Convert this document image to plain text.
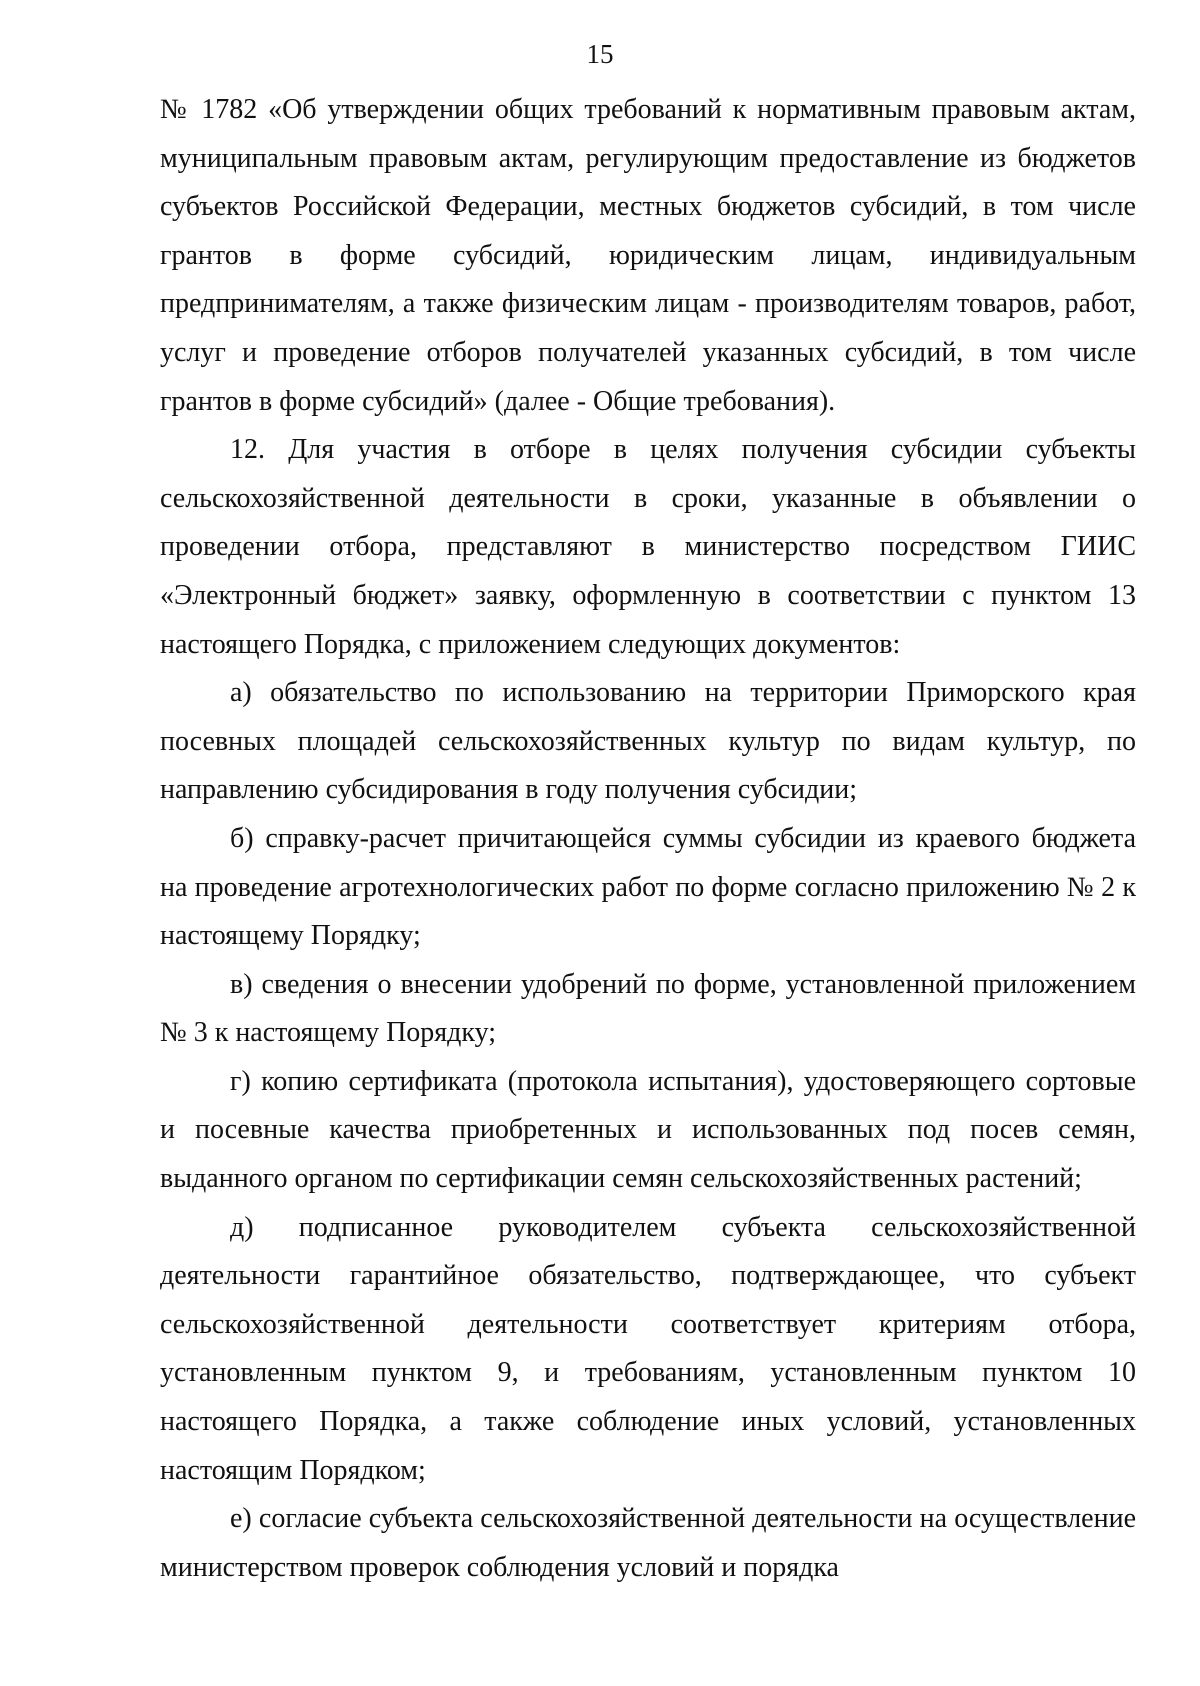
15

№ 1782 «Об утверждении общих требований к нормативным правовым актам, муниципальным правовым актам, регулирующим предоставление из бюджетов субъектов Российской Федерации, местных бюджетов субсидий, в том числе грантов в форме субсидий, юридическим лицам, индивидуальным предпринимателям, а также физическим лицам - производителям товаров, работ, услуг и проведение отборов получателей указанных субсидий, в том числе грантов в форме субсидий» (далее - Общие требования).

12. Для участия в отборе в целях получения субсидии субъекты сельскохозяйственной деятельности в сроки, указанные в объявлении о проведении отбора, представляют в министерство посредством ГИИС «Электронный бюджет» заявку, оформленную в соответствии с пунктом 13 настоящего Порядка, с приложением следующих документов:

а) обязательство по использованию на территории Приморского края посевных площадей сельскохозяйственных культур по видам культур, по направлению субсидирования в году получения субсидии;

б) справку-расчет причитающейся суммы субсидии из краевого бюджета на проведение агротехнологических работ по форме согласно приложению № 2 к настоящему Порядку;

в) сведения о внесении удобрений по форме, установленной приложением № 3 к настоящему Порядку;

г) копию сертификата (протокола испытания), удостоверяющего сортовые и посевные качества приобретенных и использованных под посев семян, выданного органом по сертификации семян сельскохозяйственных растений;

д) подписанное руководителем субъекта сельскохозяйственной деятельности гарантийное обязательство, подтверждающее, что субъект сельскохозяйственной деятельности соответствует критериям отбора, установленным пунктом 9, и требованиям, установленным пунктом 10 настоящего Порядка, а также соблюдение иных условий, установленных настоящим Порядком;

е) согласие субъекта сельскохозяйственной деятельности на осуществление министерством проверок соблюдения условий и порядка
